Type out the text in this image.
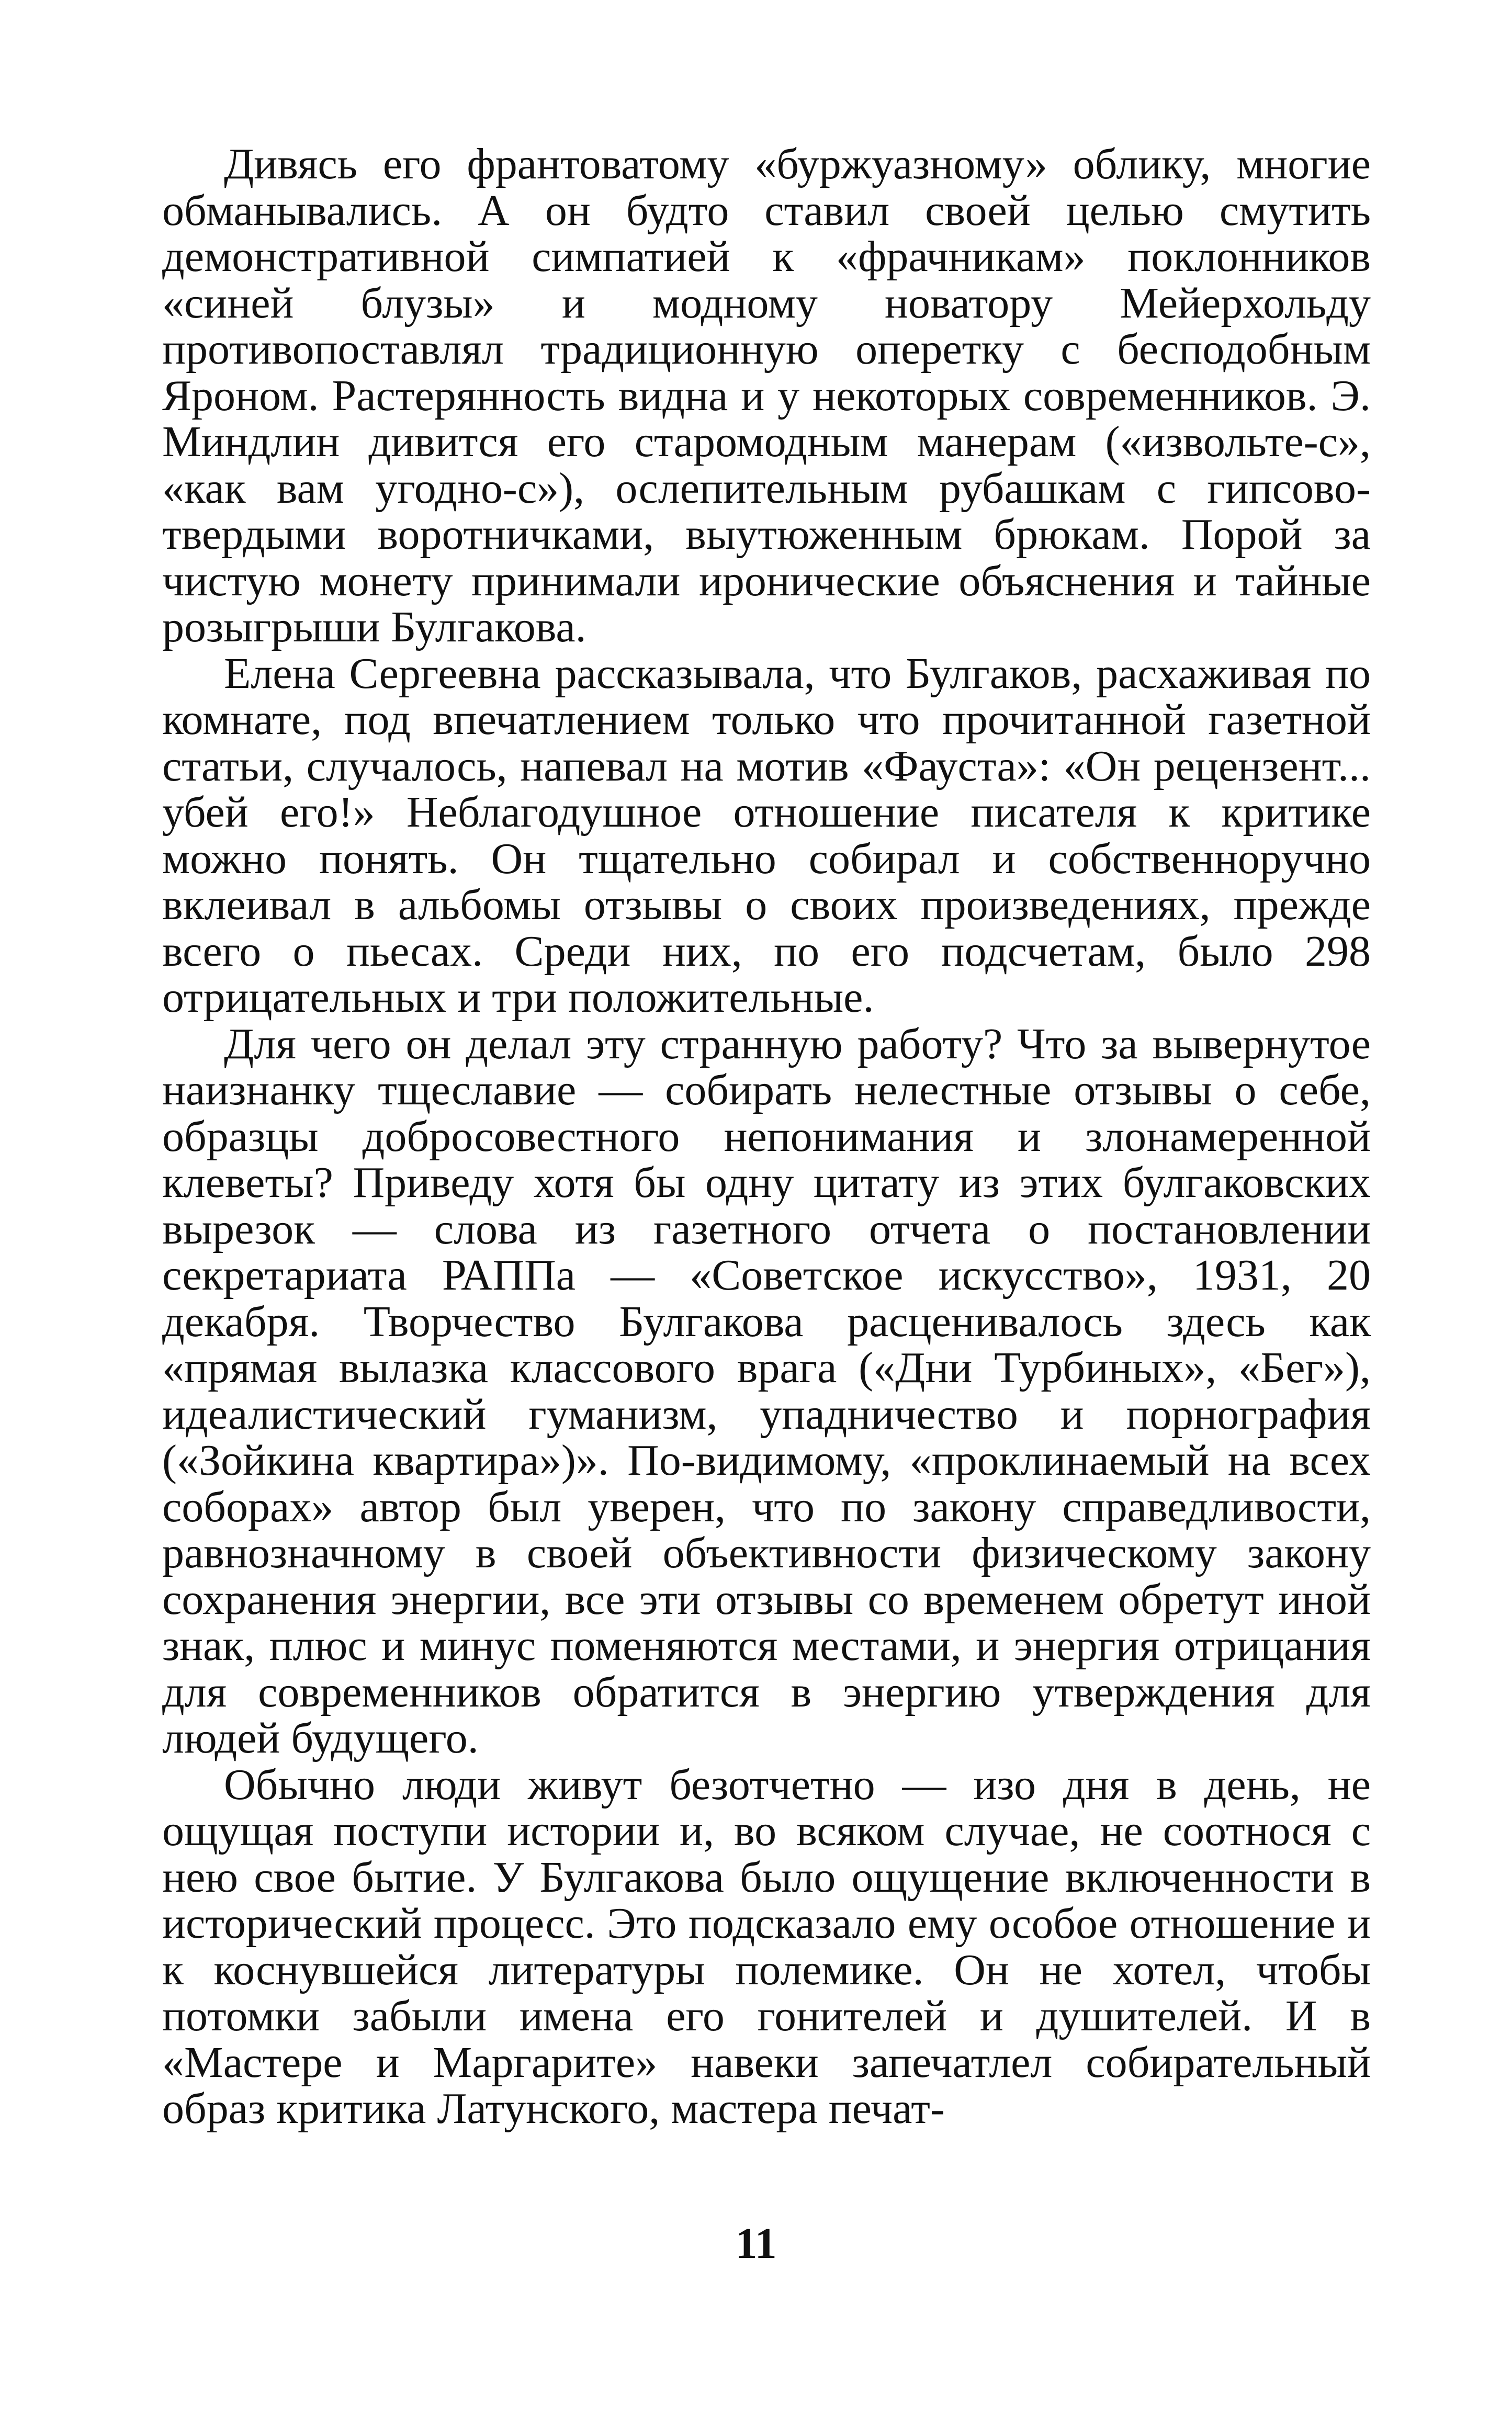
Дивясь его франтоватому «буржуазному» облику, многие обманывались. А он будто ставил своей целью смутить демонстративной симпатией к «фрачникам» поклонников «синей блузы» и модному новатору Мейерхольду противопоставлял традиционную оперетку с бесподобным Яроном. Растерянность видна и у некоторых современников. Э. Миндлин дивится его старомодным манерам («извольте-с», «как вам угодно-с»), ослепительным рубашкам с гипсово-твердыми воротничками, выутюженным брюкам. Порой за чистую монету принимали иронические объяснения и тайные розыгрыши Булгакова.

Елена Сергеевна рассказывала, что Булгаков, расхаживая по комнате, под впечатлением только что прочитанной газетной статьи, случалось, напевал на мотив «Фауста»: «Он рецензент... убей его!» Неблагодушное отношение писателя к критике можно понять. Он тщательно собирал и собственноручно вклеивал в альбомы отзывы о своих произведениях, прежде всего о пьесах. Среди них, по его подсчетам, было 298 отрицательных и три положительные.

Для чего он делал эту странную работу? Что за вывернутое наизнанку тщеславие — собирать нелестные отзывы о себе, образцы добросовестного непонимания и злонамеренной клеветы? Приведу хотя бы одну цитату из этих булгаковских вырезок — слова из газетного отчета о постановлении секретариата РАППа — «Советское искусство», 1931, 20 декабря. Творчество Булгакова расценивалось здесь как «прямая вылазка классового врага («Дни Турбиных», «Бег»), идеалистический гуманизм, упадничество и порнография («Зойкина квартира»)». По-видимому, «проклинаемый на всех соборах» автор был уверен, что по закону справедливости, равнозначному в своей объективности физическому закону сохранения энергии, все эти отзывы со временем обретут иной знак, плюс и минус поменяются местами, и энергия отрицания для современников обратится в энергию утверждения для людей будущего.

Обычно люди живут безотчетно — изо дня в день, не ощущая поступи истории и, во всяком случае, не соотнося с нею свое бытие. У Булгакова было ощущение включенности в исторический процесс. Это подсказало ему особое отношение и к коснувшейся литературы полемике. Он не хотел, чтобы потомки забыли имена его гонителей и душителей. И в «Мастере и Маргарите» навеки запечатлел собирательный образ критика Латунского, мастера печат-

11
